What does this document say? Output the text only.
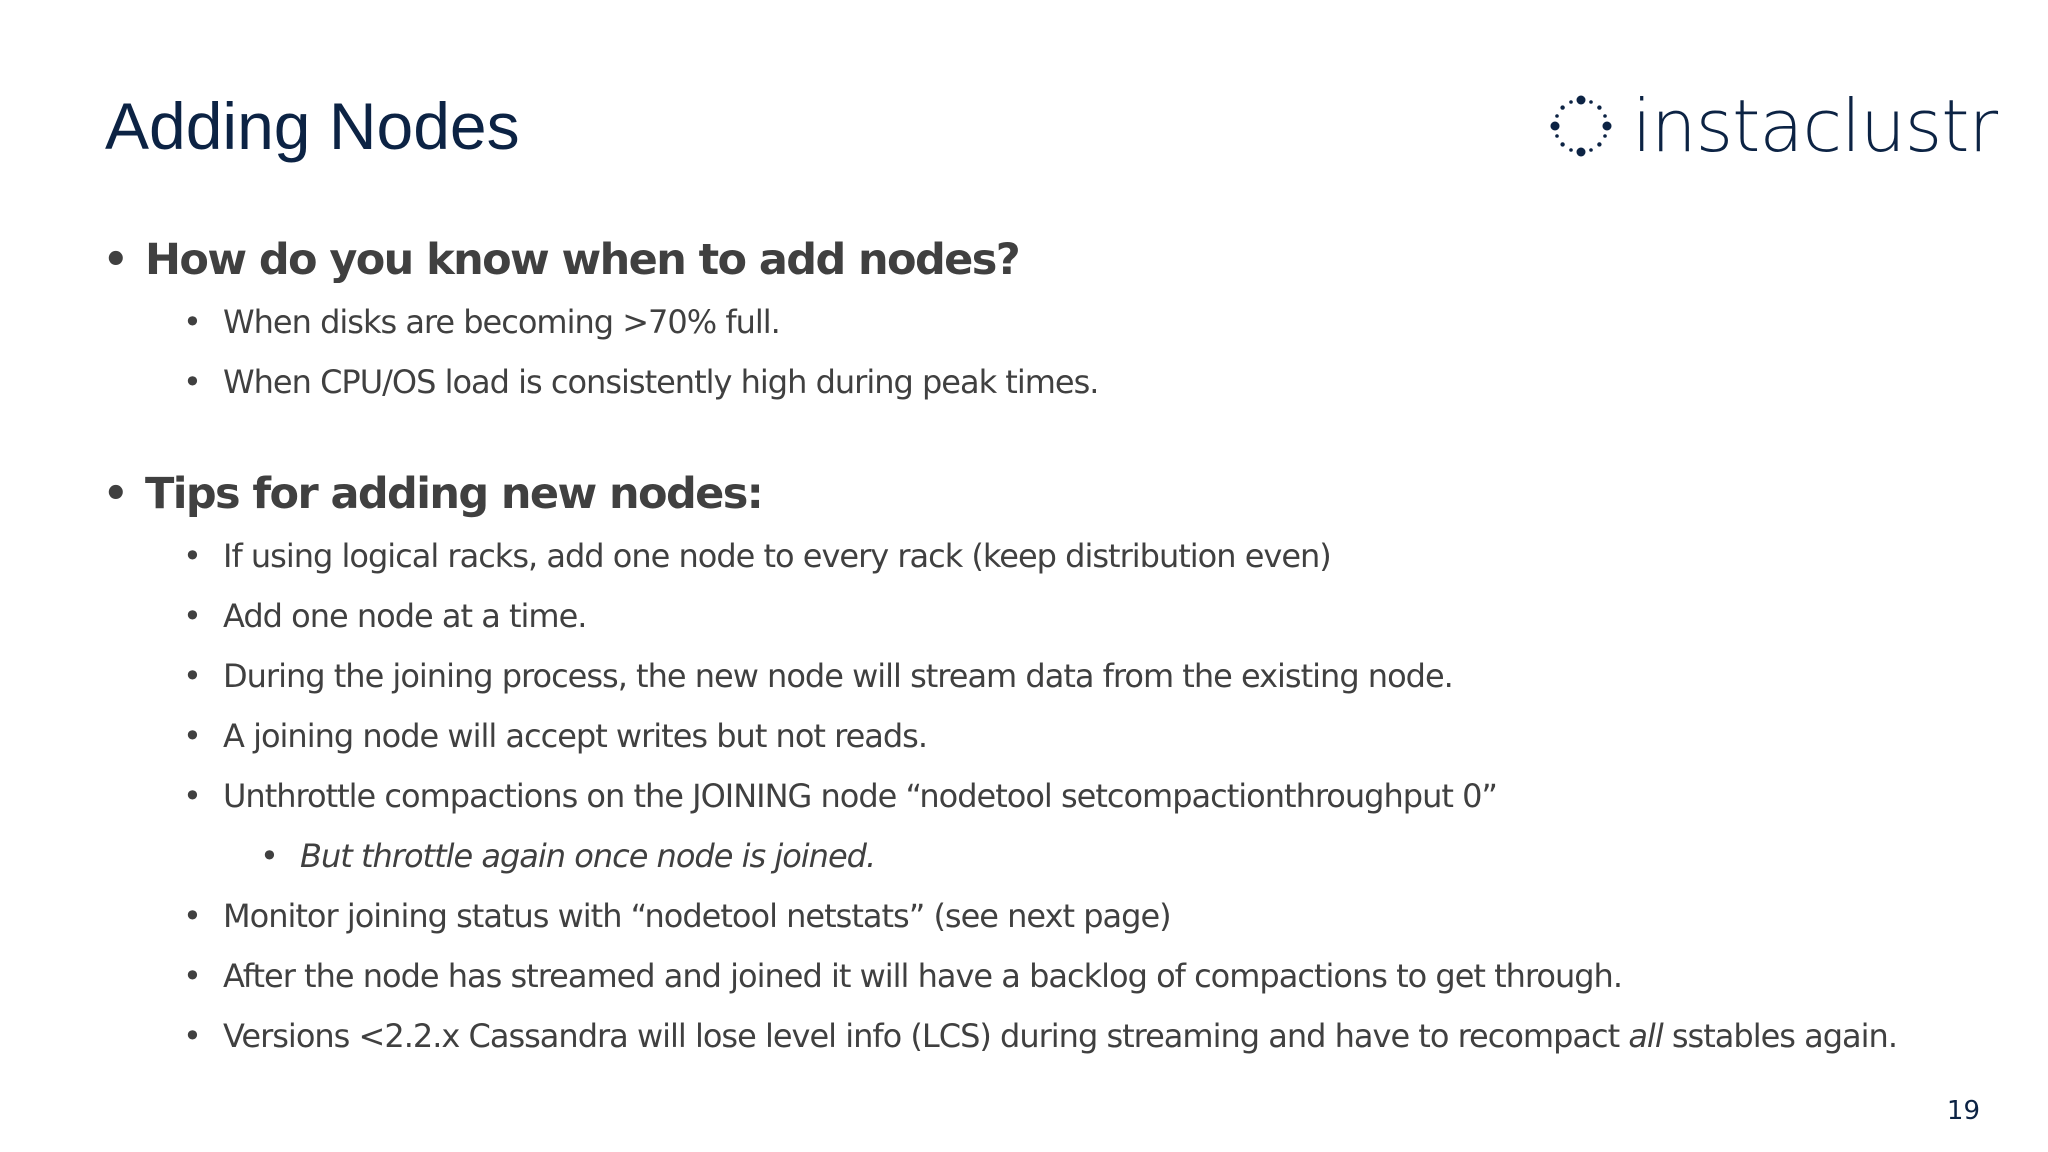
Adding Nodes	instaclustr
• How do you know when to add nodes?
• When disks are becoming >70% full.
• When CPU/OS load is consistently high during peak times.
• Tips for adding new nodes:
• If using logical racks, add one node to every rack (keep distribution even)
• Add one node at a time.
• During the joining process, the new node will stream data from the existing node.
• A joining node will accept writes but not reads.
• Unthrottle compactions on the JOINING node “nodetool setcompactionthroughput 0”
• But throttle again once node is joined.
• Monitor joining status with “nodetool netstats” (see next page)
• After the node has streamed and joined it will have a backlog of compactions to get through.
• Versions <2.2.x Cassandra will lose level info (LCS) during streaming and have to recompact all sstables again.
19
